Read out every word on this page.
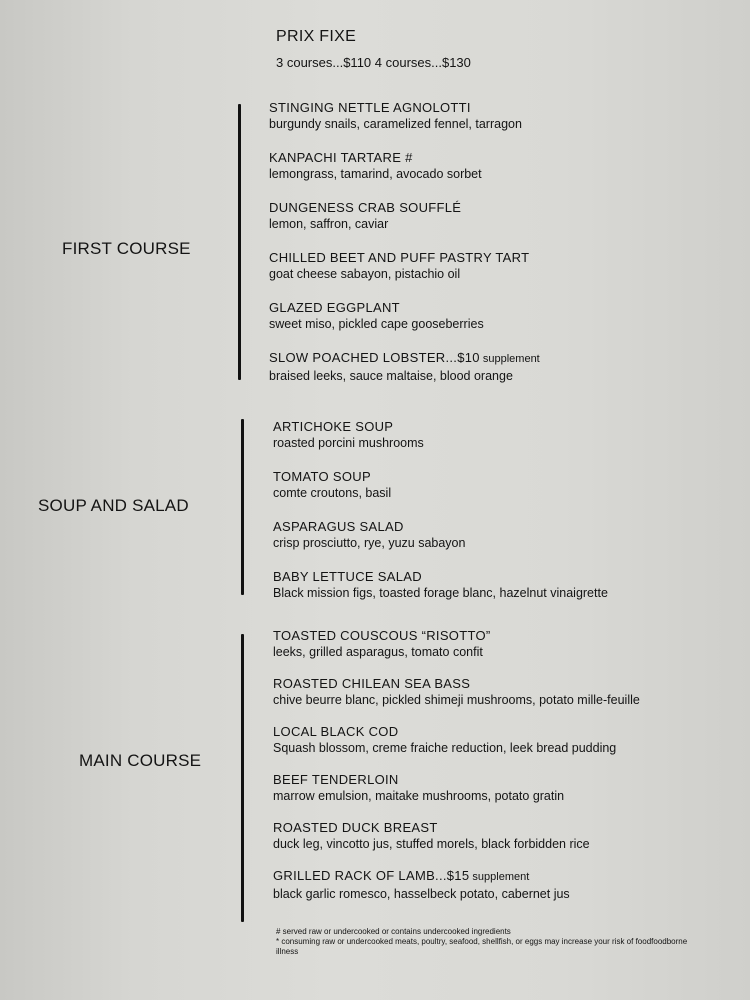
PRIX FIXE
3 courses...$110 4 courses...$130
FIRST COURSE
STINGING NETTLE AGNOLOTTI
burgundy snails, caramelized fennel, tarragon
KANPACHI TARTARE #
lemongrass, tamarind, avocado sorbet
DUNGENESS CRAB SOUFFLÉ
lemon, saffron, caviar
CHILLED BEET AND PUFF PASTRY TART
goat cheese sabayon, pistachio oil
GLAZED EGGPLANT
sweet miso, pickled cape gooseberries
SLOW POACHED LOBSTER...$10 supplement
braised leeks, sauce maltaise, blood orange
SOUP AND SALAD
ARTICHOKE SOUP
roasted porcini mushrooms
TOMATO SOUP
comte croutons, basil
ASPARAGUS SALAD
crisp prosciutto, rye, yuzu sabayon
BABY LETTUCE SALAD
Black mission figs, toasted forage blanc, hazelnut vinaigrette
MAIN COURSE
TOASTED COUSCOUS “RISOTTO”
leeks, grilled asparagus, tomato confit
ROASTED CHILEAN SEA BASS
chive beurre blanc, pickled shimeji mushrooms, potato mille-feuille
LOCAL BLACK COD
Squash blossom, creme fraiche reduction, leek bread pudding
BEEF TENDERLOIN
marrow emulsion, maitake mushrooms, potato gratin
ROASTED DUCK BREAST
duck leg, vincotto jus, stuffed morels, black forbidden rice
GRILLED RACK OF LAMB...$15 supplement
black garlic romesco, hasselbeck potato, cabernet jus
# served raw or undercooked or contains undercooked ingredients
* consuming raw or undercooked meats, poultry, seafood, shellfish, or eggs may increase your risk of foodfoodborne illness
